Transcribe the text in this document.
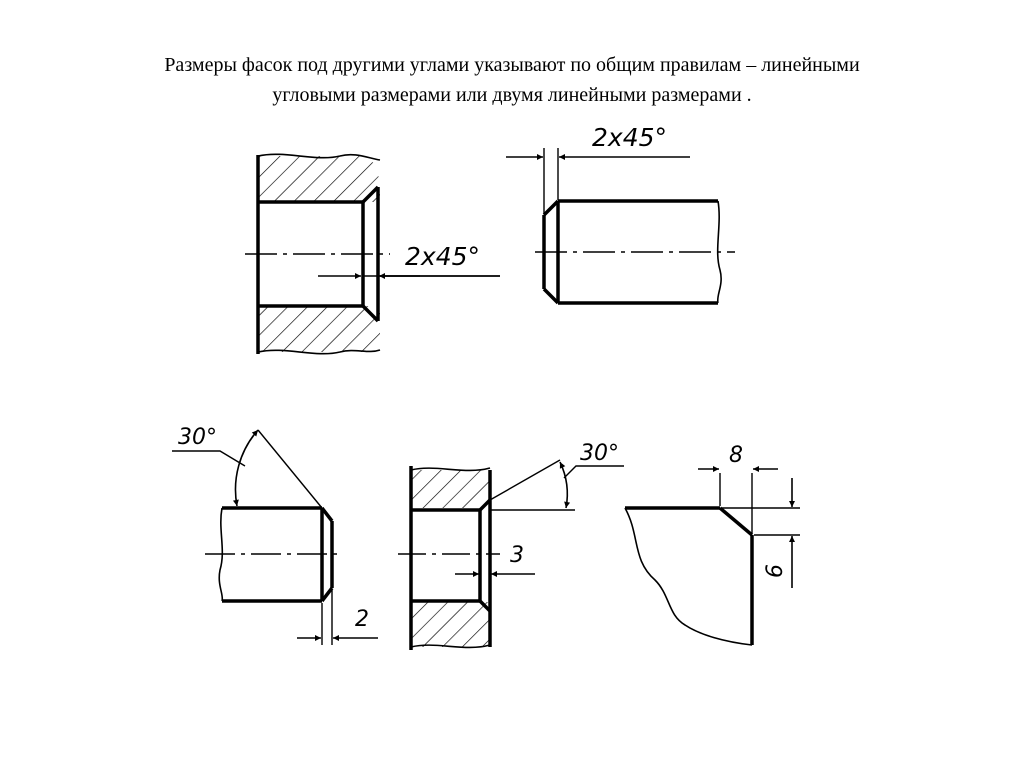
Размеры фасок под другими углами указывают по общим правилам – линейными
угловыми размерами или двумя линейными размерами .
2x45°
2x45°
30°
2
30°
3
8
6
